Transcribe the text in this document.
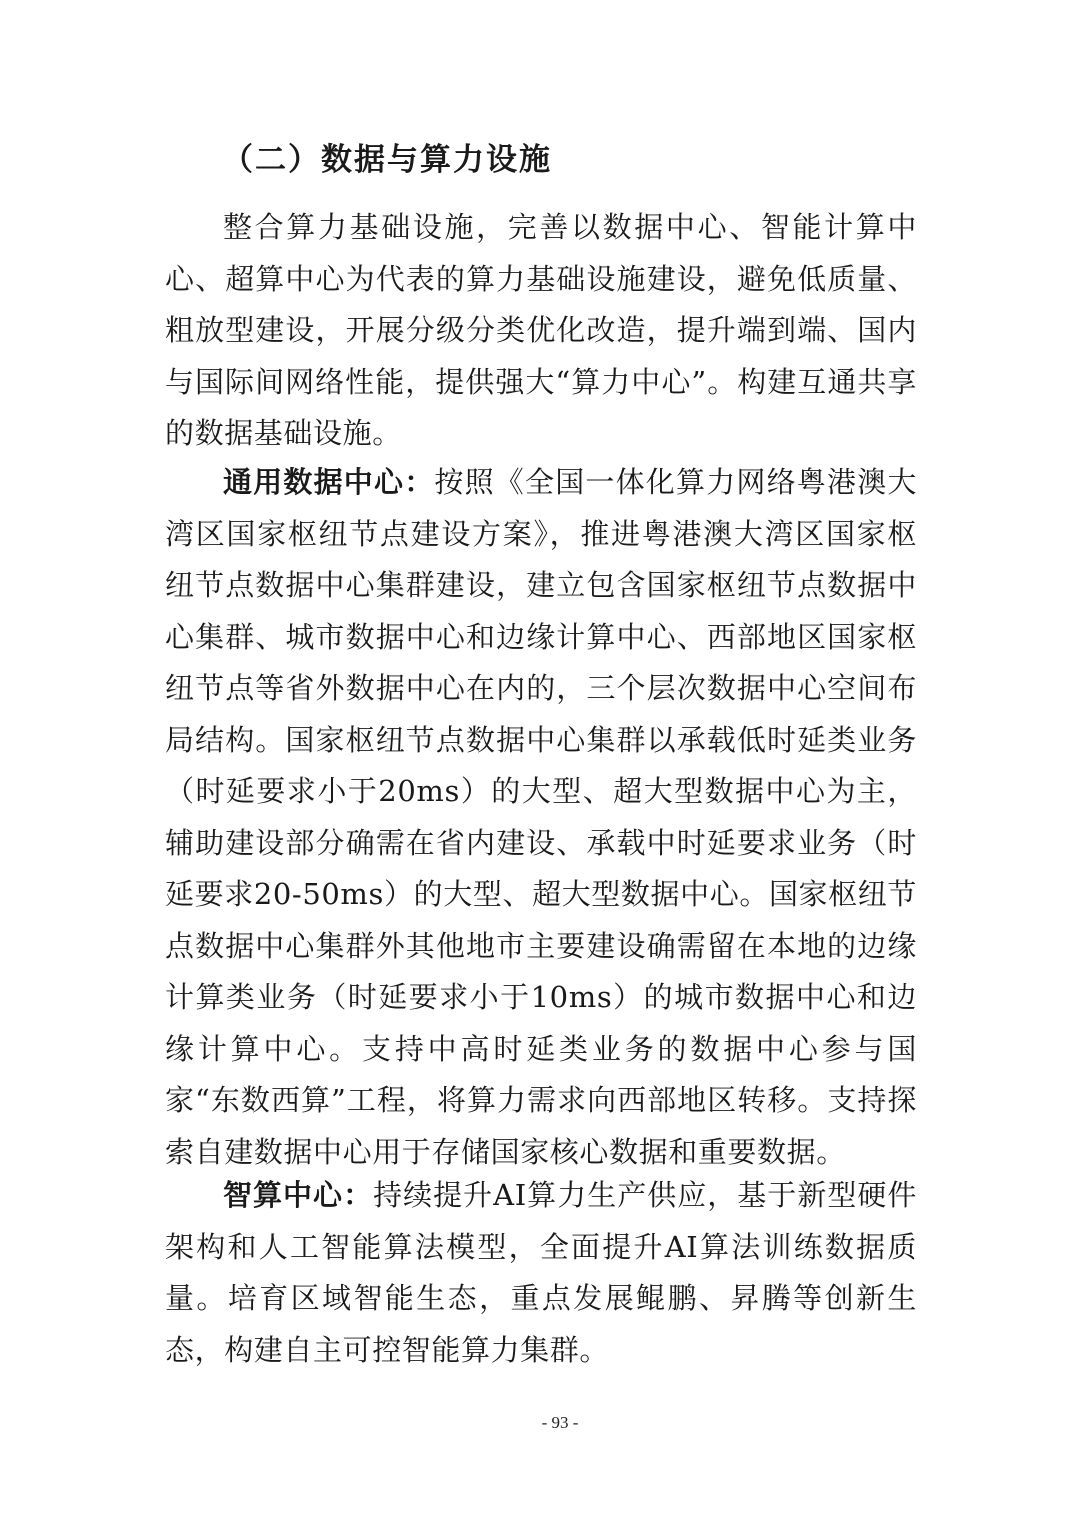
（二）数据与算力设施

整合算力基础设施，完善以数据中心、智能计算中心、超算中心为代表的算力基础设施建设，避免低质量、粗放型建设，开展分级分类优化改造，提升端到端、国内与国际间网络性能，提供强大“算力中心”。构建互通共享的数据基础设施。

通用数据中心：按照《全国一体化算力网络粤港澳大湾区国家枢纽节点建设方案》，推进粤港澳大湾区国家枢纽节点数据中心集群建设，建立包含国家枢纽节点数据中心集群、城市数据中心和边缘计算中心、西部地区国家枢纽节点等省外数据中心在内的，三个层次数据中心空间布局结构。国家枢纽节点数据中心集群以承载低时延类业务（时延要求小于20ms）的大型、超大型数据中心为主，辅助建设部分确需在省内建设、承载中时延要求业务（时延要求20-50ms）的大型、超大型数据中心。国家枢纽节点数据中心集群外其他地市主要建设确需留在本地的边缘计算类业务（时延要求小于10ms）的城市数据中心和边缘计算中心。支持中高时延类业务的数据中心参与国家“东数西算”工程，将算力需求向西部地区转移。支持探索自建数据中心用于存储国家核心数据和重要数据。

智算中心：持续提升AI算力生产供应，基于新型硬件架构和人工智能算法模型，全面提升AI算法训练数据质量。培育区域智能生态，重点发展鲲鹏、昇腾等创新生态，构建自主可控智能算力集群。

- 93 -
